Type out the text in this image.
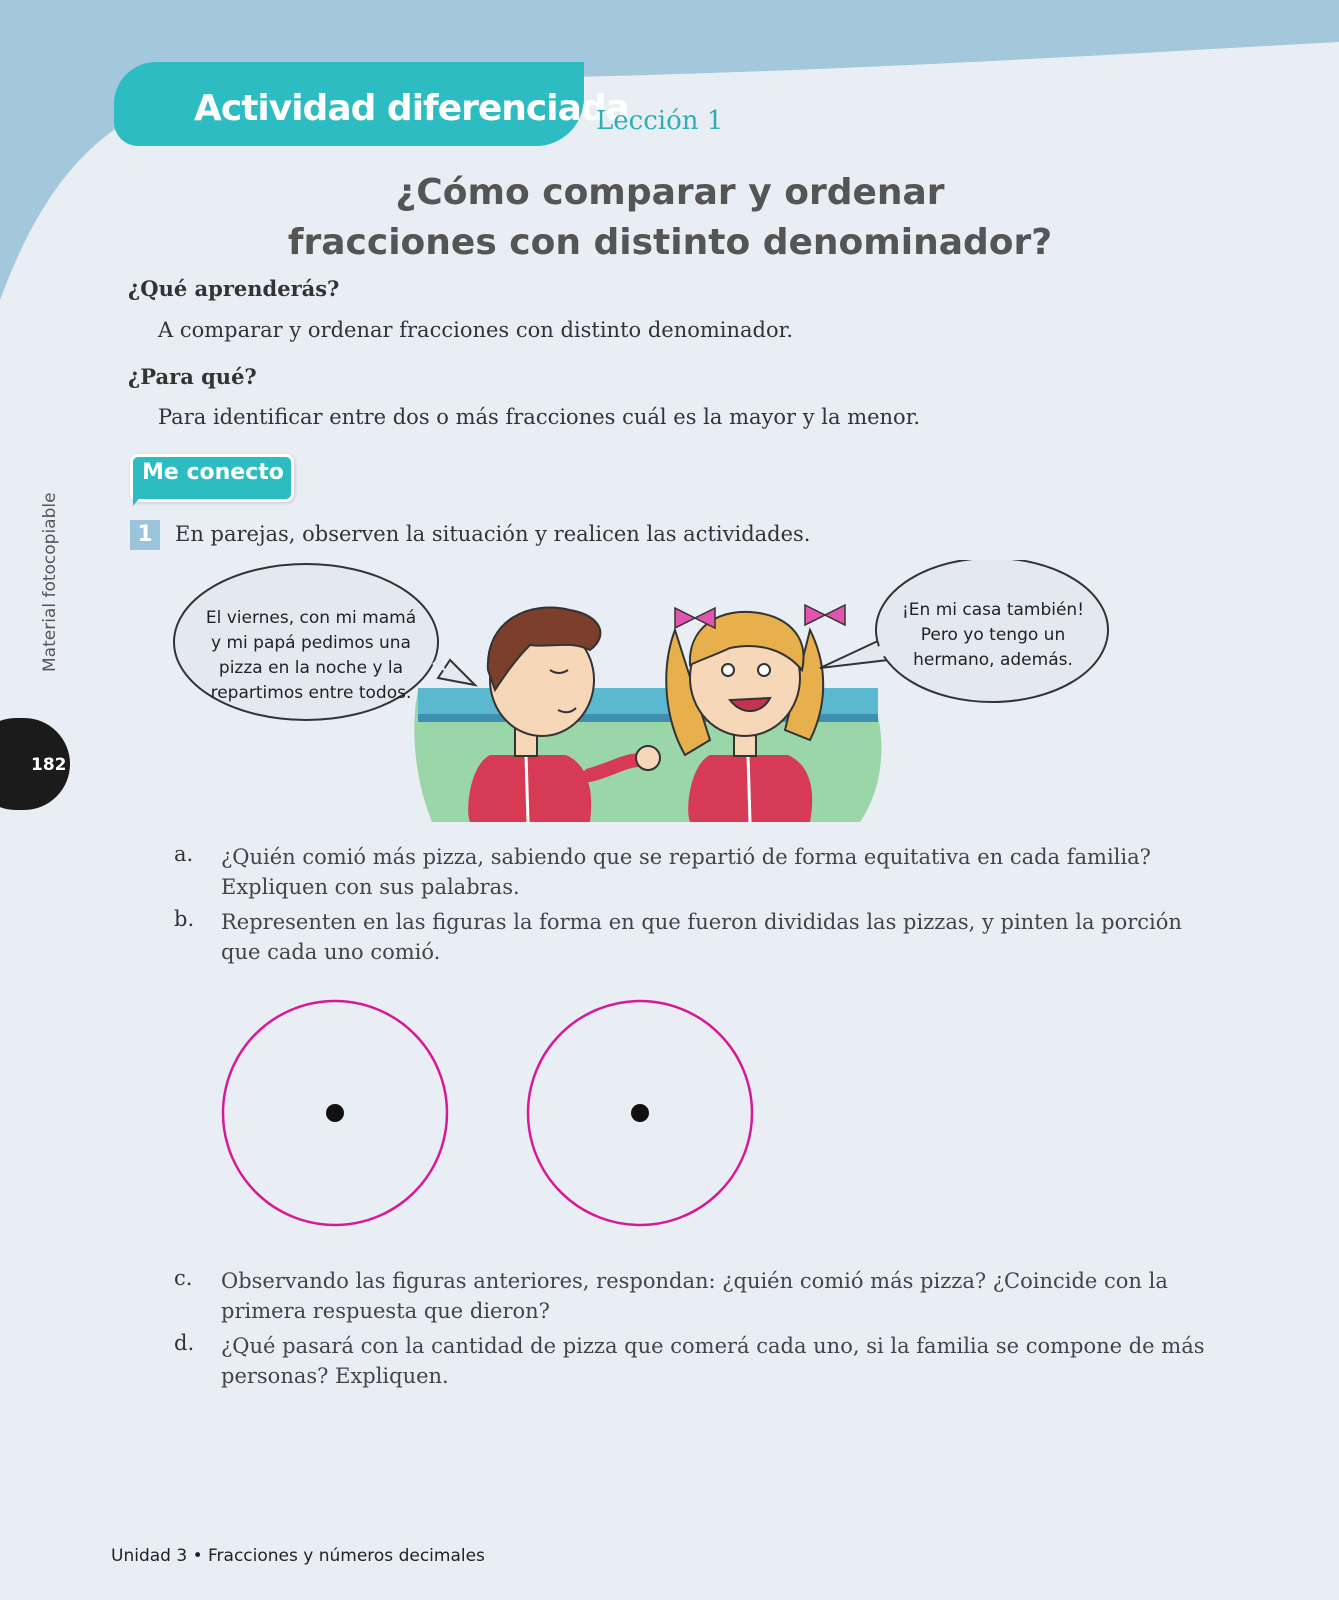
Actividad diferenciada
Lección 1
¿Cómo comparar y ordenar
fracciones con distinto denominador?
¿Qué aprenderás?
A comparar y ordenar fracciones con distinto denominador.
¿Para qué?
Para identificar entre dos o más fracciones cuál es la mayor y la menor.
Me conecto
1	En parejas, observen la situación y realicen las actividades.
El viernes, con mi mamá
y mi papá pedimos una
pizza en la noche y la
repartimos entre todos.
¡En mi casa también!
Pero yo tengo un
hermano, además.
a. ¿Quién comió más pizza, sabiendo que se repartió de forma equitativa en cada familia? Expliquen con sus palabras.
b. Representen en las figuras la forma en que fueron divididas las pizzas, y pinten la porción que cada uno comió.
c. Observando las figuras anteriores, respondan: ¿quién comió más pizza? ¿Coincide con la primera respuesta que dieron?
d. ¿Qué pasará con la cantidad de pizza que comerá cada uno, si la familia se compone de más personas? Expliquen.
Material fotocopiable
182
Unidad 3 • Fracciones y números decimales
